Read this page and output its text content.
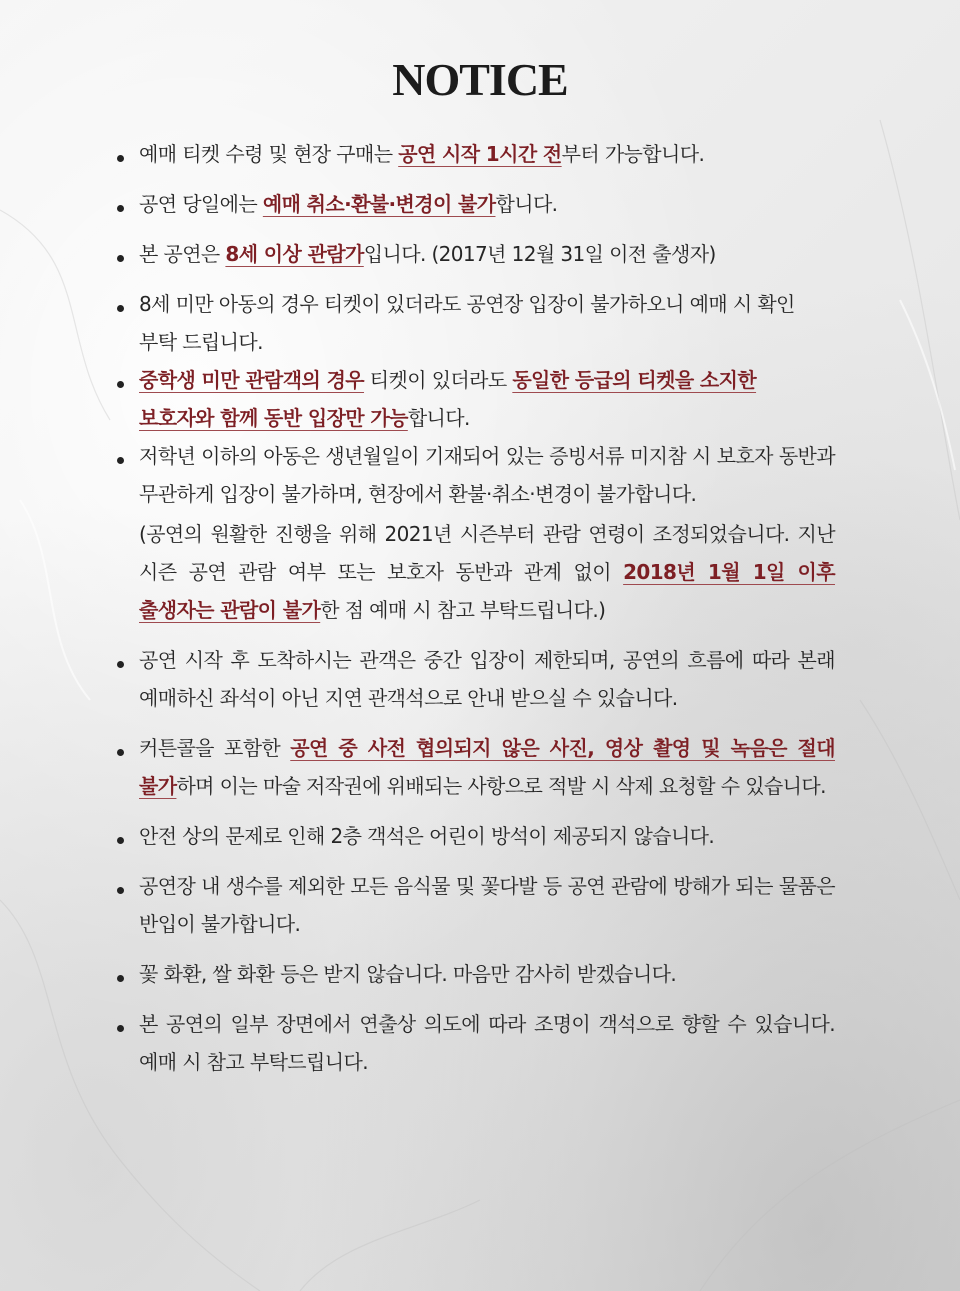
NOTICE
예매 티켓 수령 및 현장 구매는 공연 시작 1시간 전부터 가능합니다.
공연 당일에는 예매 취소·환불·변경이 불가합니다.
본 공연은 8세 이상 관람가입니다. (2017년 12월 31일 이전 출생자)
8세 미만 아동의 경우 티켓이 있더라도 공연장 입장이 불가하오니 예매 시 확인 부탁 드립니다.
중학생 미만 관람객의 경우 티켓이 있더라도 동일한 등급의 티켓을 소지한 보호자와 함께 동반 입장만 가능합니다.
저학년 이하의 아동은 생년월일이 기재되어 있는 증빙서류 미지참 시 보호자 동반과 무관하게 입장이 불가하며, 현장에서 환불·취소·변경이 불가합니다.
(공연의 원활한 진행을 위해 2021년 시즌부터 관람 연령이 조정되었습니다. 지난 시즌 공연 관람 여부 또는 보호자 동반과 관계 없이 2018년 1월 1일 이후 출생자는 관람이 불가한 점 예매 시 참고 부탁드립니다.)
공연 시작 후 도착하시는 관객은 중간 입장이 제한되며, 공연의 흐름에 따라 본래 예매하신 좌석이 아닌 지연 관객석으로 안내 받으실 수 있습니다.
커튼콜을 포함한 공연 중 사전 협의되지 않은 사진, 영상 촬영 및 녹음은 절대 불가하며 이는 마술 저작권에 위배되는 사항으로 적발 시 삭제 요청할 수 있습니다.
안전 상의 문제로 인해 2층 객석은 어린이 방석이 제공되지 않습니다.
공연장 내 생수를 제외한 모든 음식물 및 꽃다발 등 공연 관람에 방해가 되는 물품은 반입이 불가합니다.
꽃 화환, 쌀 화환 등은 받지 않습니다. 마음만 감사히 받겠습니다.
본 공연의 일부 장면에서 연출상 의도에 따라 조명이 객석으로 향할 수 있습니다. 예매 시 참고 부탁드립니다.
